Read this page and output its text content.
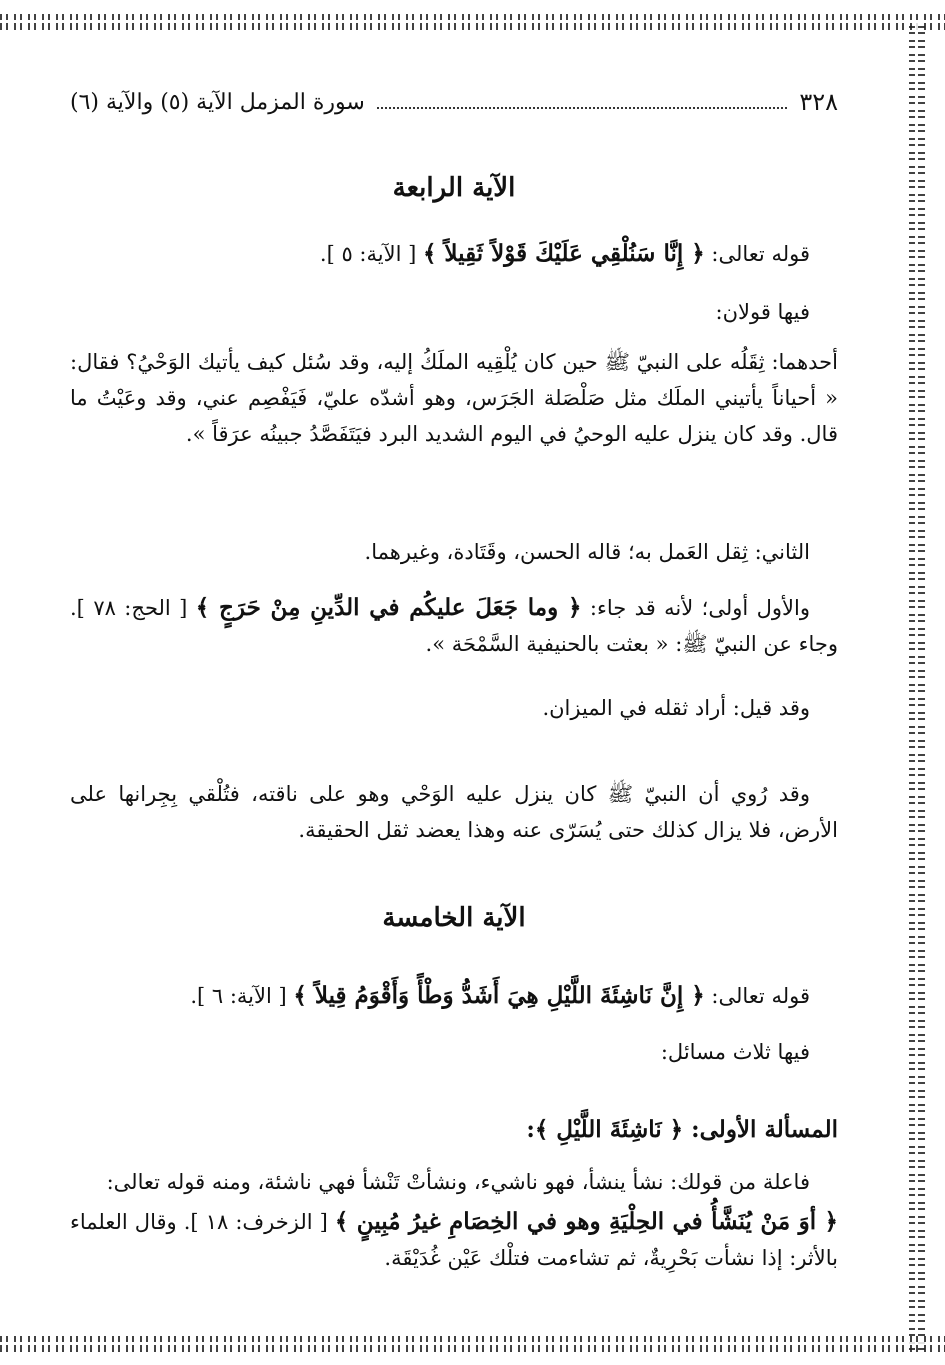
٣٢٨
سورة المزمل الآية (٥) والآية (٦)
الآية الرابعة
قوله تعالى: ﴿ إِنَّا سَنُلْقِي عَلَيْكَ قَوْلاً ثَقِيلاً ﴾ [ الآية: ٥ ].
فيها قولان:

أحدهما: ثِقَلُه على النبيّ ﷺ حين كان يُلْقِيه الملَكُ إليه، وقد سُئل كيف يأتيك الوَحْيُ؟ فقال: « أحياناً يأتيني الملَك مثل صَلْصَلة الجَرَس، وهو أشدّه عليّ، فَيَفْصِم عني، وقد وعَيْتُ ما قال. وقد كان ينزل عليه الوحيُ في اليوم الشديد البرد فيَتَفَصَّدُ جبينُه عرَقاً ».

الثاني: ثِقل العَمل به؛ قاله الحسن، وقَتَادة، وغيرهما.

والأول أولى؛ لأنه قد جاء: ﴿ وما جَعَلَ عليكُم في الدِّينِ مِنْ حَرَجٍ ﴾ [ الحج: ٧٨ ]. وجاء عن النبيّ ﷺ: « بعثت بالحنيفية السَّمْحَة ».

وقد قيل: أراد ثقله في الميزان.

وقد رُوي أن النبيّ ﷺ كان ينزل عليه الوَحْي وهو على ناقته، فتُلْقي بِجِرانها على الأرض، فلا يزال كذلك حتى يُسَرّى عنه وهذا يعضد ثقل الحقيقة.

الآية الخامسة
قوله تعالى: ﴿ إِنَّ نَاشِئَةَ اللَّيْلِ هِيَ أَشَدُّ وَطْأً وَأَقْوَمُ قِيلاً ﴾ [ الآية: ٦ ].
فيها ثلاث مسائل:
المسألة الأولى: ﴿ نَاشِئَةَ اللَّيْلِ ﴾:

فاعلة من قولك: نشأ ينشأ، فهو ناشيء، ونشأتْ تَنْشأ فهي ناشئة، ومنه قوله تعالى:

﴿ أوَ مَنْ يُنَشَّأُ في الحِلْيَةِ وهو في الخِصَامِ غيرُ مُبِينٍ ﴾ [ الزخرف: ١٨ ]. وقال العلماء بالأثر: إذا نشأت بَحْرِيةٌ، ثم تشاءمت فتلْك عَيْن غُدَيْقَة.
